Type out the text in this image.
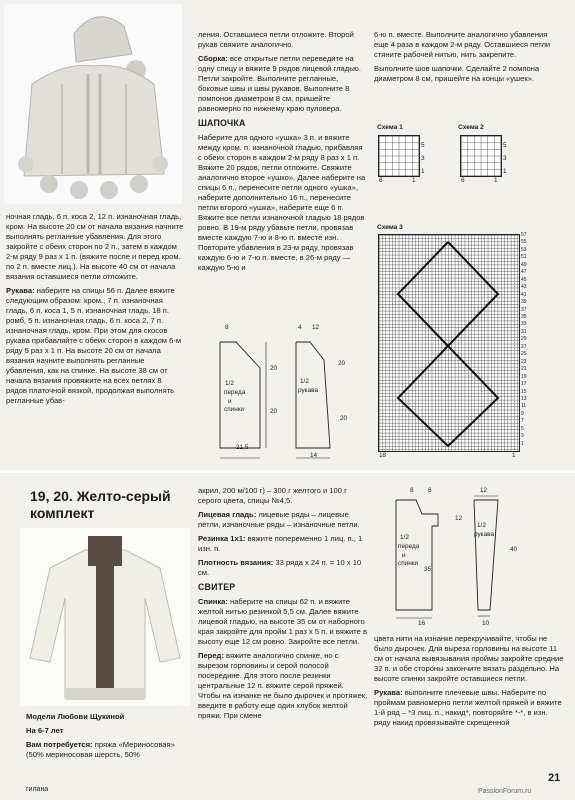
ночная гладь, 6 п. коса 2, 12 п. изнаночная гладь, кром. На высоте 20 см от начала вязания начните выполнять регланные убавления. Для этого закройте с обеих сторон по 2 п., затем в каждом 2-м ряду 9 раз х 1 п. (вяжите после и перед кром. по 2 п. вместе лиц.). На высоте 40 см от начала вязания оставшиеся петли отложите.

Рукава: наберите на спицы 56 п. Далее вяжите следующим образом: кром., 7 п. изнаночная гладь, 6 п. коса 1, 5 п. изнаночная гладь, 18 п. ромб, 5 п. изнаночная гладь, 6 п. коса 2, 7 п. изнаночная гладь, кром. При этом для скосов рукава прибавляйте с обеих сторон в каждом 6-м ряду 5 раз х 1 п. На высоте 20 см от начала вязания начните выполнять регланные убавления, как на спинке. На высоте 38 см от начала вязания провяжите на всех петлях 8 рядов платочной вязкой, продолжая выполнять регланные убав-

ления. Оставшиеся петли отложите. Второй рукав свяжите аналогично.

Сборка: все открытые петли переведите на одну спицу и вяжите 9 рядов лицевой гладью. Петли закройте. Выполните регланные, боковые швы и швы рукавов. Выполните 8 помпонов диаметром 8 см, пришейте равномерно по нижнему краю пуловера.

ШАПОЧКА

Наберите для одного «ушка» 3 п. и вяжите между кром. п. изнаночной гладью, прибавляя с обеих сторон в каждом 2-м ряду 8 раз х 1 п. Вяжите 20 рядов, петли отложите. Свяжите аналогично второе «ушко». Далее наберите на спицы 6 п., перенесите петли одного «ушка», наберите дополнительно 16 п., перенесите петли второго «ушка», наберите еще 6 п. Вяжите все петли изнаночной гладью 18 рядов ровно. В 19-м ряду убавьте петли, провязав вместе каждую 7-ю и 8-ю п. вместе изн. Повторите убавления в 23-м ряду, провязав каждую 6-ю и 7-ю п. вместе, в 26-м ряду — каждую 5-ю и

8
20
20
1/2
переда
и
спинки
21,5
4 12
20
20
1/2
рукава
14

6-ю п. вместе. Выполните аналогично убавления еще 4 раза в каждом 2-м ряду. Оставшиеся петли стяните рабочей нитью, нить закрепите.

Выполните шов шапочки. Сделайте 2 помпона диаметром 8 см, пришейте на концы «ушек».

Схема 1
5
3
1
6	1
Схема 2
5
3
1
6	1
Схема 3
57
55
53
51
49
47
45
43
41
39
37
35
33
31
29
27
25
23
21
19
17
15
13
11
9
7
5
3
1
18	1
19, 20. Желто-серый
комплект

Модели Любови Щукиной

На 6-7 лет

Вам потребуется: пряжа «Мериносовая» (50% мериносовая шерсть, 50%

акрил, 200 м/100 г) – 300 г желтого и 100 г серого цвета, спицы №4,5.

Лицевая гладь: лицевые ряды – лицевые петли, изнаночные ряды – изнаночные петли.

Резинка 1х1: вяжите попеременно 1 лиц. п., 1 изн. п.

Плотность вязания: 33 ряда х 24 п. = 10 х 10 см.

СВИТЕР

Спинка: наберите на спицы 62 п. и вяжите желтой нитью резинкой 5,5 см. Далее вяжите лицевой гладью, на высоте 35 см от наборного края закройте для пройм 1 раз х 5 п. и вяжите в высоту еще 12 см ровно. Закройте все петли.

Перед: вяжите аналогично спинке, но с вырезом горловины и серой полосой посередине. Для этого после резинки центральные 12 п. вяжите серой пряжей. Чтобы на изнанке не было дырочек и протяжек, введите в работу еще один клубок желтой пряжи. При смене

8 6
12
35
1/2
переда
и
спинки
16
12
40
1/2
рукава
10

цвета нити на изнанке перекручивайте, чтобы не было дырочек. Для выреза горловины на высоте 11 см от начала вывязывания проймы закройте средние 32 п. и обе стороны закончите вязать раздельно. На высоте спинки закройте оставшиеся петли.

Рукава: выполните плечевые швы. Наберите по проймам равномерно петли желтой пряжей и вяжите 1-й ряд – *3 лиц. п., накид*, повторяйте *-*, в изн. ряду накид провязывайте скрещенной

гилана	PassionForum.ru
21
